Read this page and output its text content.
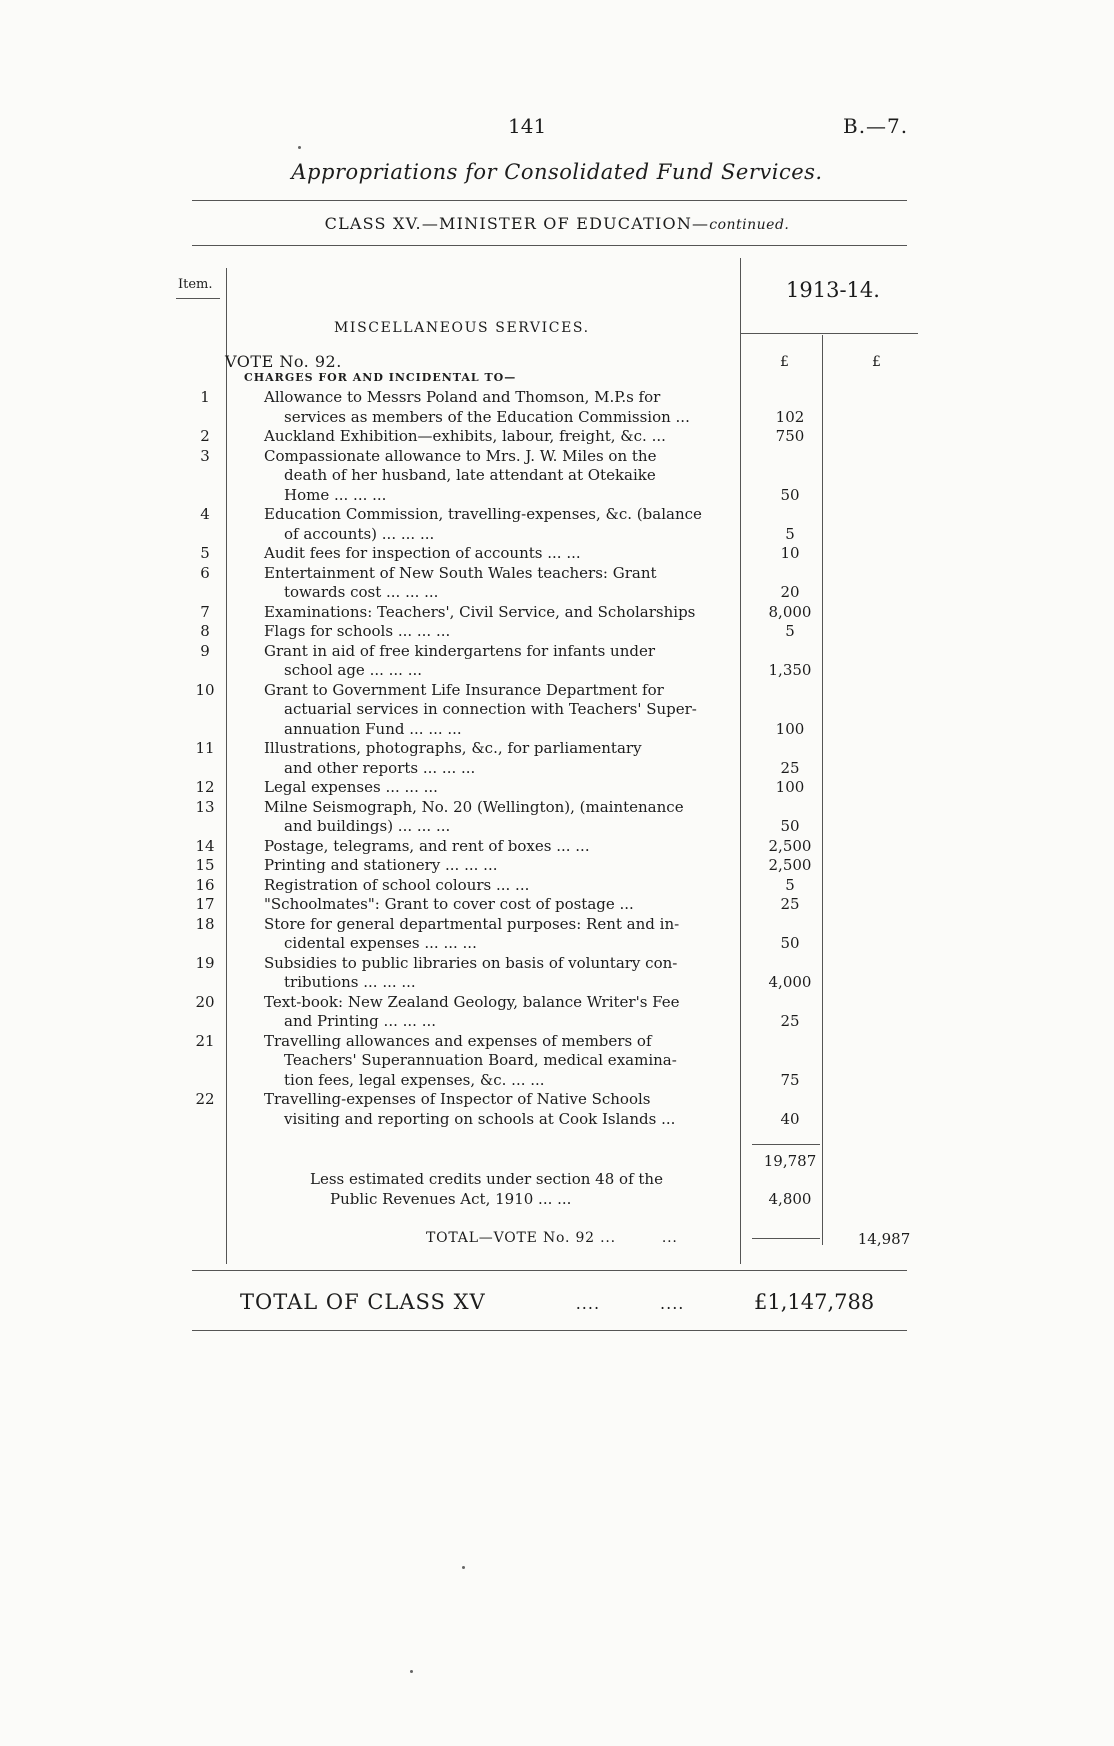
141	B.—7.
Appropriations for Consolidated Fund Services.
CLASS XV.—MINISTER OF EDUCATION—continued.
Item.	1913-14.
MISCELLANEOUS SERVICES.
VOTE No. 92.	£	£
CHARGES FOR AND INCIDENTAL TO—
1	Allowance to Messrs Poland and Thomson, M.P.s for
services as members of the Education Commission ...	102
2	Auckland Exhibition—exhibits, labour, freight, &c. ...	750
3	Compassionate allowance to Mrs. J. W. Miles on the
death of her husband, late attendant at Otekaike
Home ... ... ...	50
4	Education Commission, travelling-expenses, &c. (balance
of accounts) ... ... ...	5
5	Audit fees for inspection of accounts ... ...	10
6	Entertainment of New South Wales teachers: Grant
towards cost ... ... ...	20
7	Examinations: Teachers', Civil Service, and Scholarships	8,000
8	Flags for schools ... ... ...	5
9	Grant in aid of free kindergartens for infants under
school age ... ... ...	1,350
10	Grant to Government Life Insurance Department for
actuarial services in connection with Teachers' Super-
annuation Fund ... ... ...	100
11	Illustrations, photographs, &c., for parliamentary
and other reports ... ... ...	25
12	Legal expenses ... ... ...	100
13	Milne Seismograph, No. 20 (Wellington), (maintenance
and buildings) ... ... ...	50
14	Postage, telegrams, and rent of boxes ... ...	2,500
15	Printing and stationery ... ... ...	2,500
16	Registration of school colours ... ...	5
17	"Schoolmates": Grant to cover cost of postage ...	25
18	Store for general departmental purposes: Rent and in-
cidental expenses ... ... ...	50
19	Subsidies to public libraries on basis of voluntary con-
tributions ... ... ...	4,000
20	Text-book: New Zealand Geology, balance Writer's Fee
and Printing ... ... ...	25
21	Travelling allowances and expenses of members of
Teachers' Superannuation Board, medical examina-
tion fees, legal expenses, &c. ... ...	75
22	Travelling-expenses of Inspector of Native Schools
visiting and reporting on schools at Cook Islands ...	40
19,787
Less estimated credits under section 48 of the
Public Revenues Act, 1910 ... ...	4,800
TOTAL—VOTE No. 92 ...	...	14,987
TOTAL OF CLASS XV	....	....	£1,147,788
